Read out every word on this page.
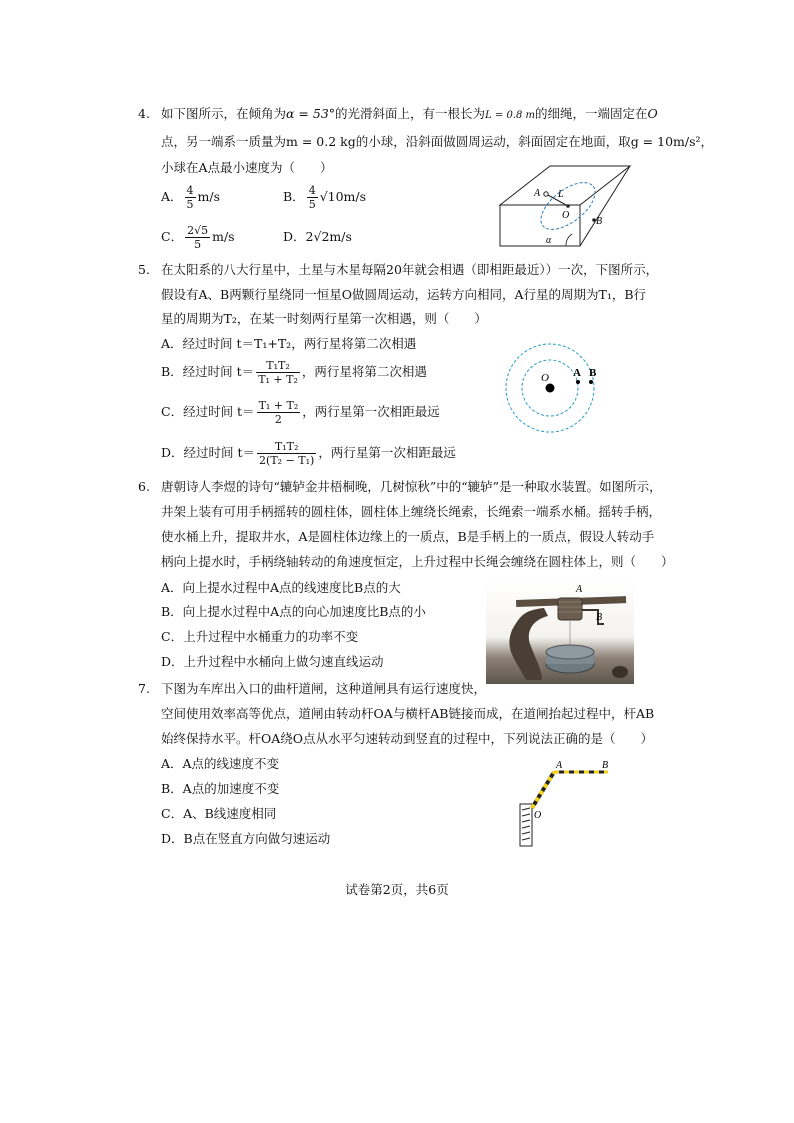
4. 如下图所示，在倾角为α = 53°的光滑斜面上，有一根长为L = 0.8 m的细绳，一端固定在O
点，另一端系一质量为m = 0.2 kg的小球，沿斜面做圆周运动，斜面固定在地面，取g = 10m/s²，
小球在A点最小速度为（　　）
A． $\frac{4}{5} m/s$	B． $\frac{4}{5} √10m/s$
C． $\frac{2√5}{5} m/s$	D．2√2m/s
A L
O
B
α
5. 在太阳系的八大行星中，土星与木星每隔20年就会相遇（即相距最近））一次，下图所示，
假设有A、B两颗行星绕同一恒星O做圆周运动，运转方向相同，A行星的周期为T₁，B行
星的周期为T₂，在某一时刻两行星第一次相遇，则（　　）
A．经过时间 t＝T₁+T₂，两行星将第二次相遇
B．经过时间 $t= \frac{\text{T₁T₂}}{\text{T₁ + T₂}}$ ，两行星将第二次相遇
C．经过时间 $t= \frac{\text{T₁ + T₂}}{2}$ ，两行星第一次相距最远
D．经过时间 $t= \frac{\text{T₁T₂}}{\text{2(T₂ − T₁)}}$ ，两行星第一次相距最远
O A B
6. 唐朝诗人李煜的诗句“辘轳金井梧桐晚，几树惊秋”中的“辘轳”是一种取水装置。如图所示，
井架上装有可用手柄摇转的圆柱体，圆柱体上缠绕长绳索，长绳索一端系水桶。摇转手柄，
使水桶上升，提取井水，A是圆柱体边缘上的一质点，B是手柄上的一质点，假设人转动手
柄向上提水时，手柄绕轴转动的角速度恒定，上升过程中长绳会缠绕在圆柱体上，则（　　）
A．向上提水过程中A点的线速度比B点的大
B．向上提水过程中A点的向心加速度比B点的小
C．上升过程中水桶重力的功率不变
D．上升过程中水桶向上做匀速直线运动
A
B
7. 下图为车库出入口的曲杆道闸，这种道闸具有运行速度快，
空间使用效率高等优点，道闸由转动杆OA与横杆AB链接而成，在道闸抬起过程中，杆AB
始终保持水平。杆OA绕O点从水平匀速转动到竖直的过程中，下列说法正确的是（　　）
A．A点的线速度不变
B．A点的加速度不变
C．A、B线速度相同
D．B点在竖直方向做匀速运动
A	B
O
试卷第2页，共6页
